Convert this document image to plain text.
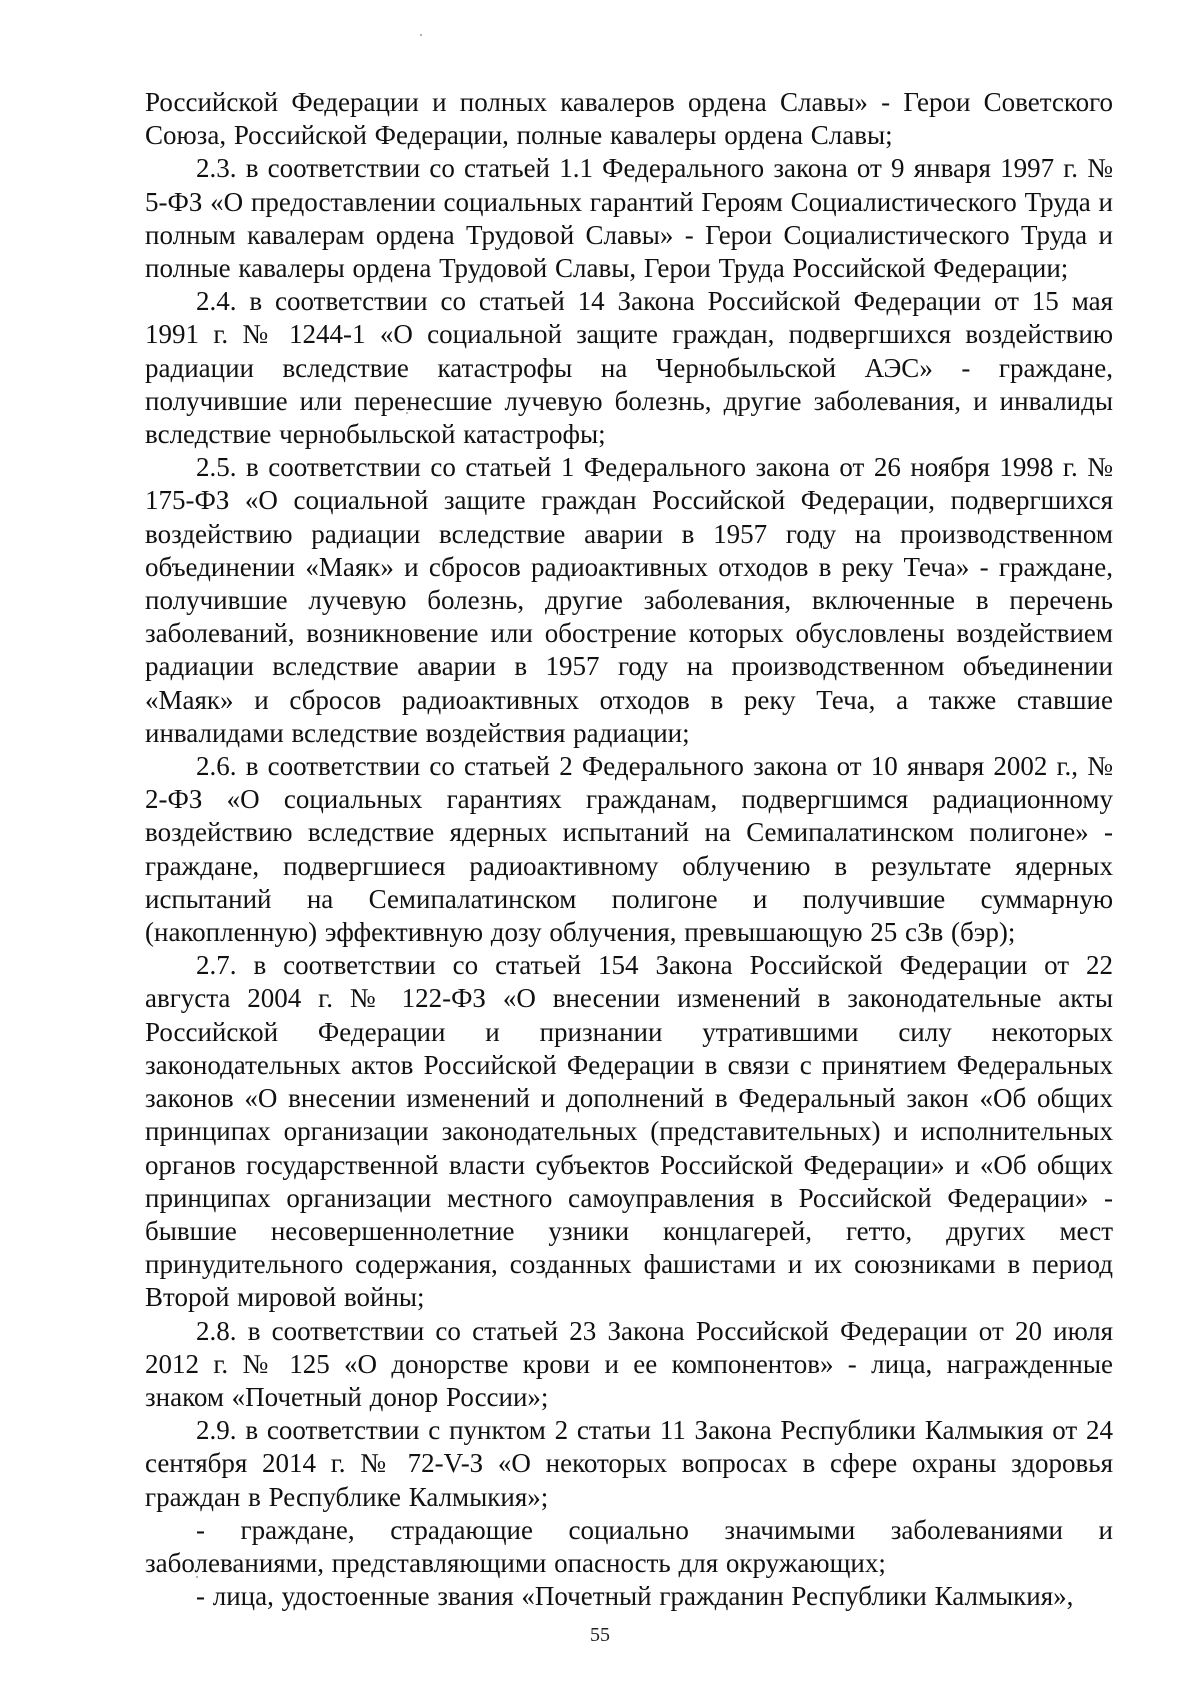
Российской Федерации и полных кавалеров ордена Славы» - Герои Советского Союза, Российской Федерации, полные кавалеры ордена Славы;

2.3. в соответствии со статьей 1.1 Федерального закона от 9 января 1997 г. № 5-ФЗ «О предоставлении социальных гарантий Героям Социалистического Труда и полным кавалерам ордена Трудовой Славы» - Герои Социалистического Труда и полные кавалеры ордена Трудовой Славы, Герои Труда Российской Федерации;

2.4. в соответствии со статьей 14 Закона Российской Федерации от 15 мая 1991 г. № 1244-1 «О социальной защите граждан, подвергшихся воздействию радиации вследствие катастрофы на Чернобыльской АЭС» - граждане, получившие или перенесшие лучевую болезнь, другие заболевания, и инвалиды вследствие чернобыльской катастрофы;

2.5. в соответствии со статьей 1 Федерального закона от 26 ноября 1998 г. № 175-ФЗ «О социальной защите граждан Российской Федерации, подвергшихся воздействию радиации вследствие аварии в 1957 году на производственном объединении «Маяк» и сбросов радиоактивных отходов в реку Теча» - граждане, получившие лучевую болезнь, другие заболевания, включенные в перечень заболеваний, возникновение или обострение которых обусловлены воздействием радиации вследствие аварии в 1957 году на производственном объединении «Маяк» и сбросов радиоактивных отходов в реку Теча, а также ставшие инвалидами вследствие воздействия радиации;

2.6. в соответствии со статьей 2 Федерального закона от 10 января 2002 г., № 2-ФЗ «О социальных гарантиях гражданам, подвергшимся радиационному воздействию вследствие ядерных испытаний на Семипалатинском полигоне» - граждане, подвергшиеся радиоактивному облучению в результате ядерных испытаний на Семипалатинском полигоне и получившие суммарную (накопленную) эффективную дозу облучения, превышающую 25 сЗв (бэр);

2.7. в соответствии со статьей 154 Закона Российской Федерации от 22 августа 2004 г. № 122-ФЗ «О внесении изменений в законодательные акты Российской Федерации и признании утратившими силу некоторых законодательных актов Российской Федерации в связи с принятием Федеральных законов «О внесении изменений и дополнений в Федеральный закон «Об общих принципах организации законодательных (представительных) и исполнительных органов государственной власти субъектов Российской Федерации» и «Об общих принципах организации местного самоуправления в Российской Федерации» - бывшие несовершеннолетние узники концлагерей, гетто, других мест принудительного содержания, созданных фашистами и их союзниками в период Второй мировой войны;

2.8. в соответствии со статьей 23 Закона Российской Федерации от 20 июля 2012 г. № 125 «О донорстве крови и ее компонентов» - лица, награжденные знаком «Почетный донор России»;

2.9. в соответствии с пунктом 2 статьи 11 Закона Республики Калмыкия от 24 сентября 2014 г. № 72-V-З «О некоторых вопросах в сфере охраны здоровья граждан в Республике Калмыкия»;

- граждане, страдающие социально значимыми заболеваниями и заболеваниями, представляющими опасность для окружающих;

- лица, удостоенные звания «Почетный гражданин Республики Калмыкия»,

55
